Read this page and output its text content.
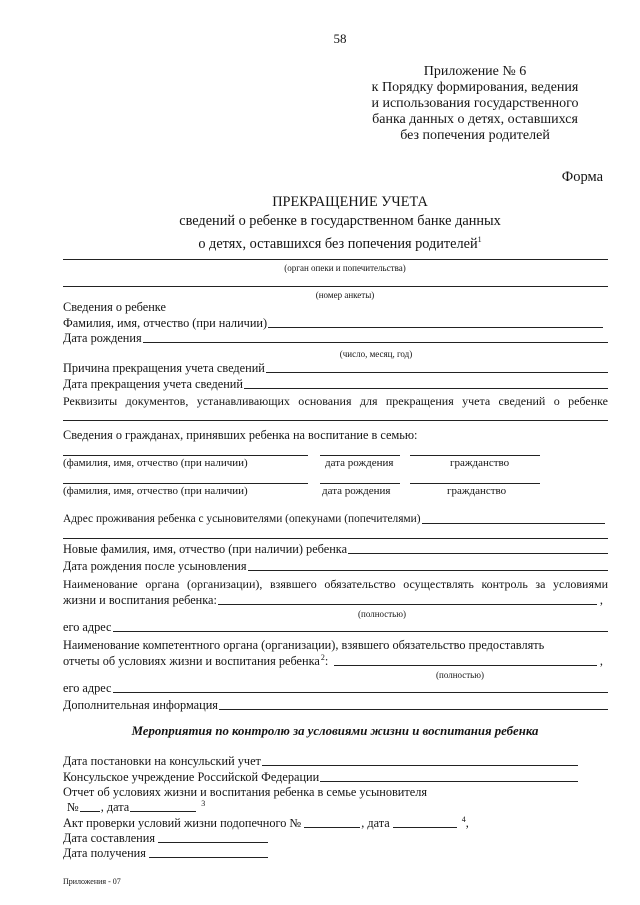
58
Приложение № 6
к Порядку формирования, ведения
и использования государственного
банка данных о детях, оставшихся
без попечения родителей
Форма
ПРЕКРАЩЕНИЕ УЧЕТА
сведений о ребенке в государственном банке данных
о детях, оставшихся без попечения родителей$^1$
(орган опеки и попечительства)
(номер анкеты)
Сведения о ребенке
Фамилия, имя, отчество (при наличии)
Дата рождения
(число, месяц, год)
Причина прекращения учета сведений
Дата прекращения учета сведений
Реквизиты документов, устанавливающих основания для прекращения учета сведений о ребенке
Сведения о гражданах, принявших ребенка на воспитание в семью:
(фамилия, имя, отчество (при наличии)	дата рождения	гражданство
(фамилия, имя, отчество (при наличии)	дата рождения	гражданство
Адрес проживания ребенка с усыновителями (опекунами (попечителями)
Новые фамилия, имя, отчество (при наличии) ребенка
Дата рождения после усыновления
Наименование органа (организации), взявшего обязательство осуществлять контроль за условиями
жизни и воспитания ребенка:	,
(полностью)
его адрес
Наименование компетентного органа (организации), взявшего обязательство предоставлять
отчеты об условиях жизни и воспитания ребенка 2 :	,
(полностью)
его адрес
Дополнительная информация
Мероприятия по контролю за условиями жизни и воспитания ребенка
Дата постановки на консульский учет
Консульское учреждение Российской Федерации
Отчет об условиях жизни и воспитания ребенка в семье усыновителя
№ , дата	3
Акт проверки условий жизни подопечного №	, дата	4 ,
Дата составления
Дата получения
Приложения - 07
